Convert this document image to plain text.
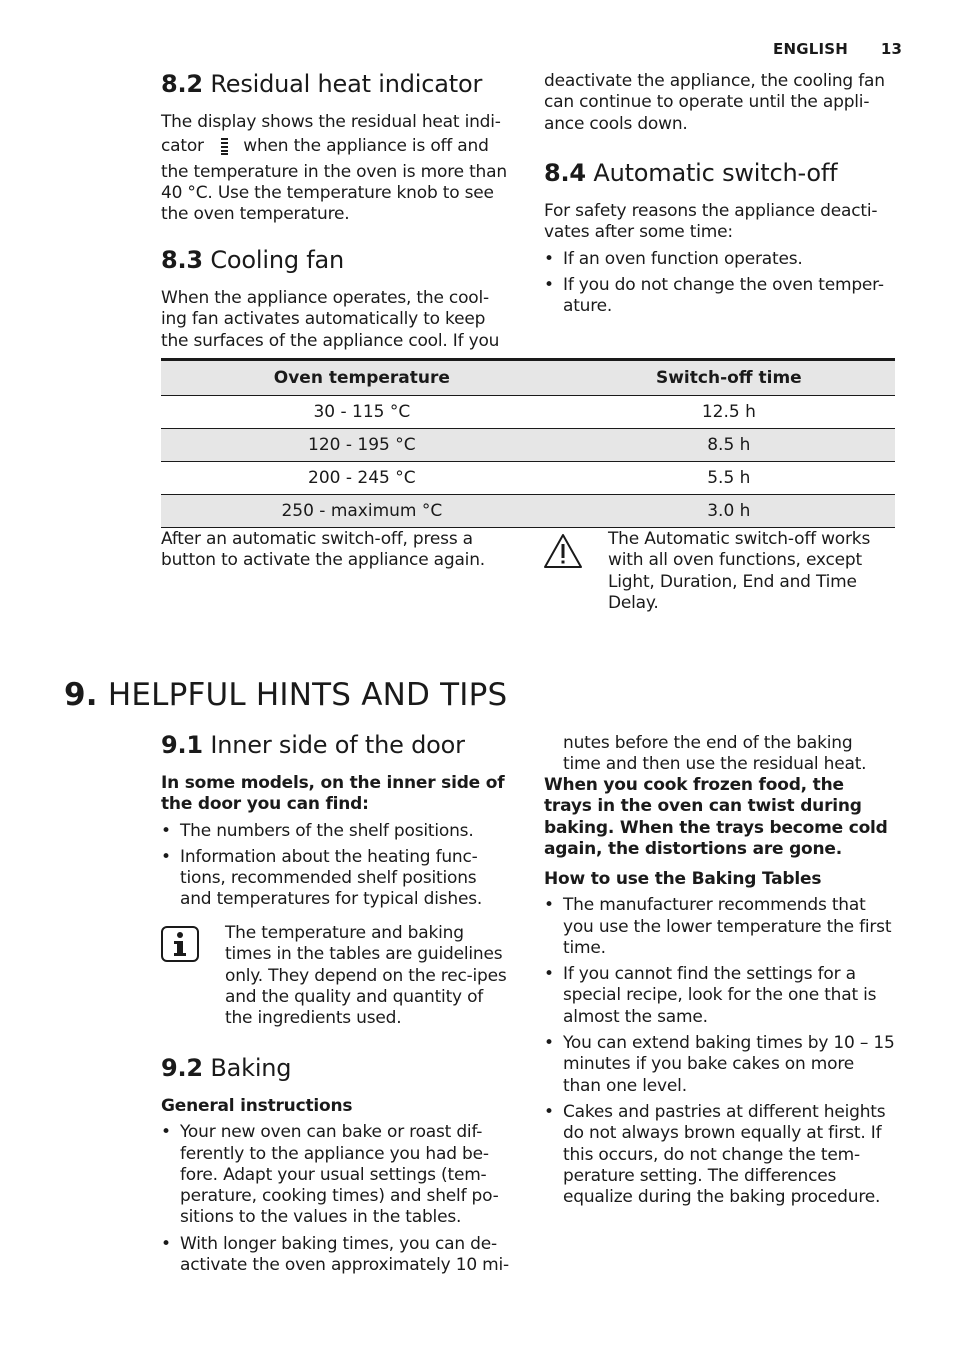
ENGLISH 13
8.2 Residual heat indicator
The display shows the residual heat indi-
cator when the appliance is off and
the temperature in the oven is more than 40 °C. Use the temperature knob to see the oven temperature.
8.3 Cooling fan
When the appliance operates, the cool-ing fan activates automatically to keep the surfaces of the appliance cool. If you
deactivate the appliance, the cooling fan can continue to operate until the appli-ance cools down.
8.4 Automatic switch-off
For safety reasons the appliance deacti-vates after some time:
• If an oven function operates.
• If you do not change the oven temper-ature.
Oven temperature	Switch-off time
30 - 115 °C	12.5 h
120 - 195 °C	8.5 h
200 - 245 °C	5.5 h
250 - maximum °C	3.0 h
After an automatic switch-off, press a button to activate the appliance again.
The Automatic switch-off works with all oven functions, except Light, Duration, End and Time Delay.
9. HELPFUL HINTS AND TIPS
9.1 Inner side of the door
In some models, on the inner side of the door you can find:
• The numbers of the shelf positions.
• Information about the heating func-tions, recommended shelf positions and temperatures for typical dishes.
The temperature and baking times in the tables are guidelines only. They depend on the rec-ipes and the quality and quantity of the ingredients used.
9.2 Baking
General instructions
• Your new oven can bake or roast dif-ferently to the appliance you had be-fore. Adapt your usual settings (tem-perature, cooking times) and shelf po-sitions to the values in the tables.
• With longer baking times, you can de-activate the oven approximately 10 mi-
nutes before the end of the baking time and then use the residual heat.
When you cook frozen food, the trays in the oven can twist during baking. When the trays become cold again, the distortions are gone.
How to use the Baking Tables
• The manufacturer recommends that you use the lower temperature the first time.
• If you cannot find the settings for a special recipe, look for the one that is almost the same.
• You can extend baking times by 10 – 15 minutes if you bake cakes on more than one level.
• Cakes and pastries at different heights do not always brown equally at first. If this occurs, do not change the tem-perature setting. The differences equalize during the baking procedure.
